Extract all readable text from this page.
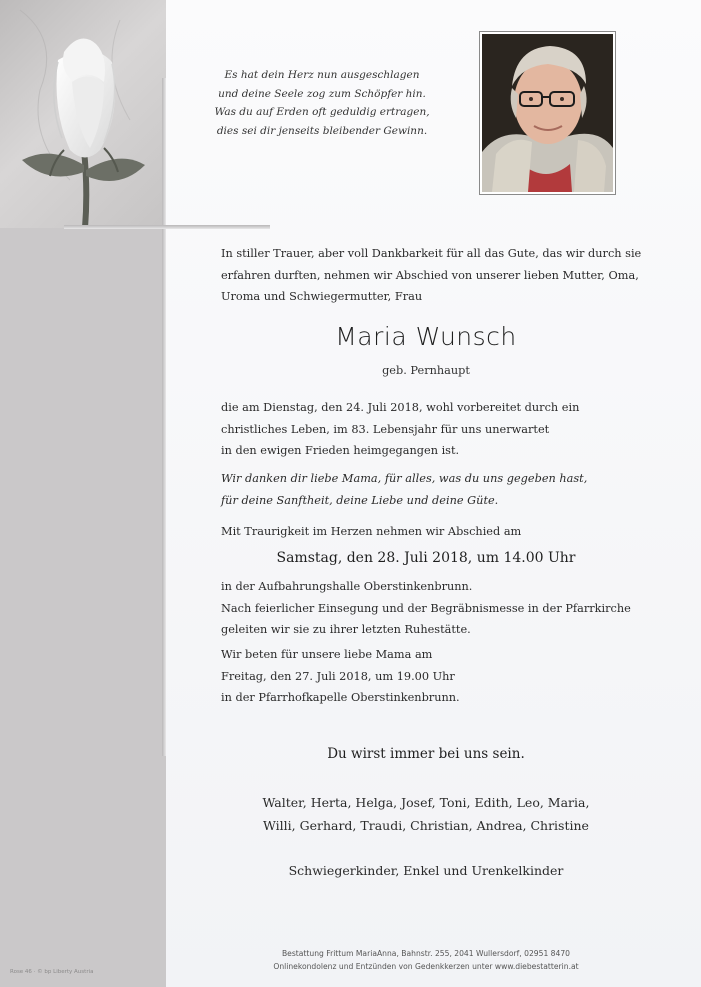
Es hat dein Herz nun ausgeschlagen
und deine Seele zog zum Schöpfer hin.
Was du auf Erden oft geduldig ertragen,
dies sei dir jenseits bleibender Gewinn.
In stiller Trauer, aber voll Dankbarkeit für all das Gute, das wir durch sie
erfahren durften, nehmen wir Abschied von unserer lieben Mutter, Oma,
Uroma und Schwiegermutter, Frau
Maria Wunsch
geb. Pernhaupt
die am Dienstag, den 24. Juli 2018, wohl vorbereitet durch ein
christliches Leben, im 83. Lebensjahr für uns unerwartet
in den ewigen Frieden heimgegangen ist.
Wir danken dir liebe Mama, für alles, was du uns gegeben hast,
für deine Sanftheit, deine Liebe und deine Güte.
Mit Traurigkeit im Herzen nehmen wir Abschied am
Samstag, den 28. Juli 2018, um 14.00 Uhr
in der Aufbahrungshalle Oberstinkenbrunn.
Nach feierlicher Einsegung und der Begräbnismesse in der Pfarrkirche
geleiten wir sie zu ihrer letzten Ruhestätte.
Wir beten für unsere liebe Mama am
Freitag, den 27. Juli 2018, um 19.00 Uhr
in der Pfarrhofkapelle Oberstinkenbrunn.
Du wirst immer bei uns sein.
Walter, Herta, Helga, Josef, Toni, Edith, Leo, Maria,
Willi, Gerhard, Traudi, Christian, Andrea, Christine
Schwiegerkinder, Enkel und Urenkelkinder
Bestattung Frittum MariaAnna, Bahnstr. 255, 2041 Wullersdorf, 02951 8470
Onlinekondolenz und Entzünden von Gedenkkerzen unter www.diebestatterin.at
Rose 46 · © bp Liberty Austria
